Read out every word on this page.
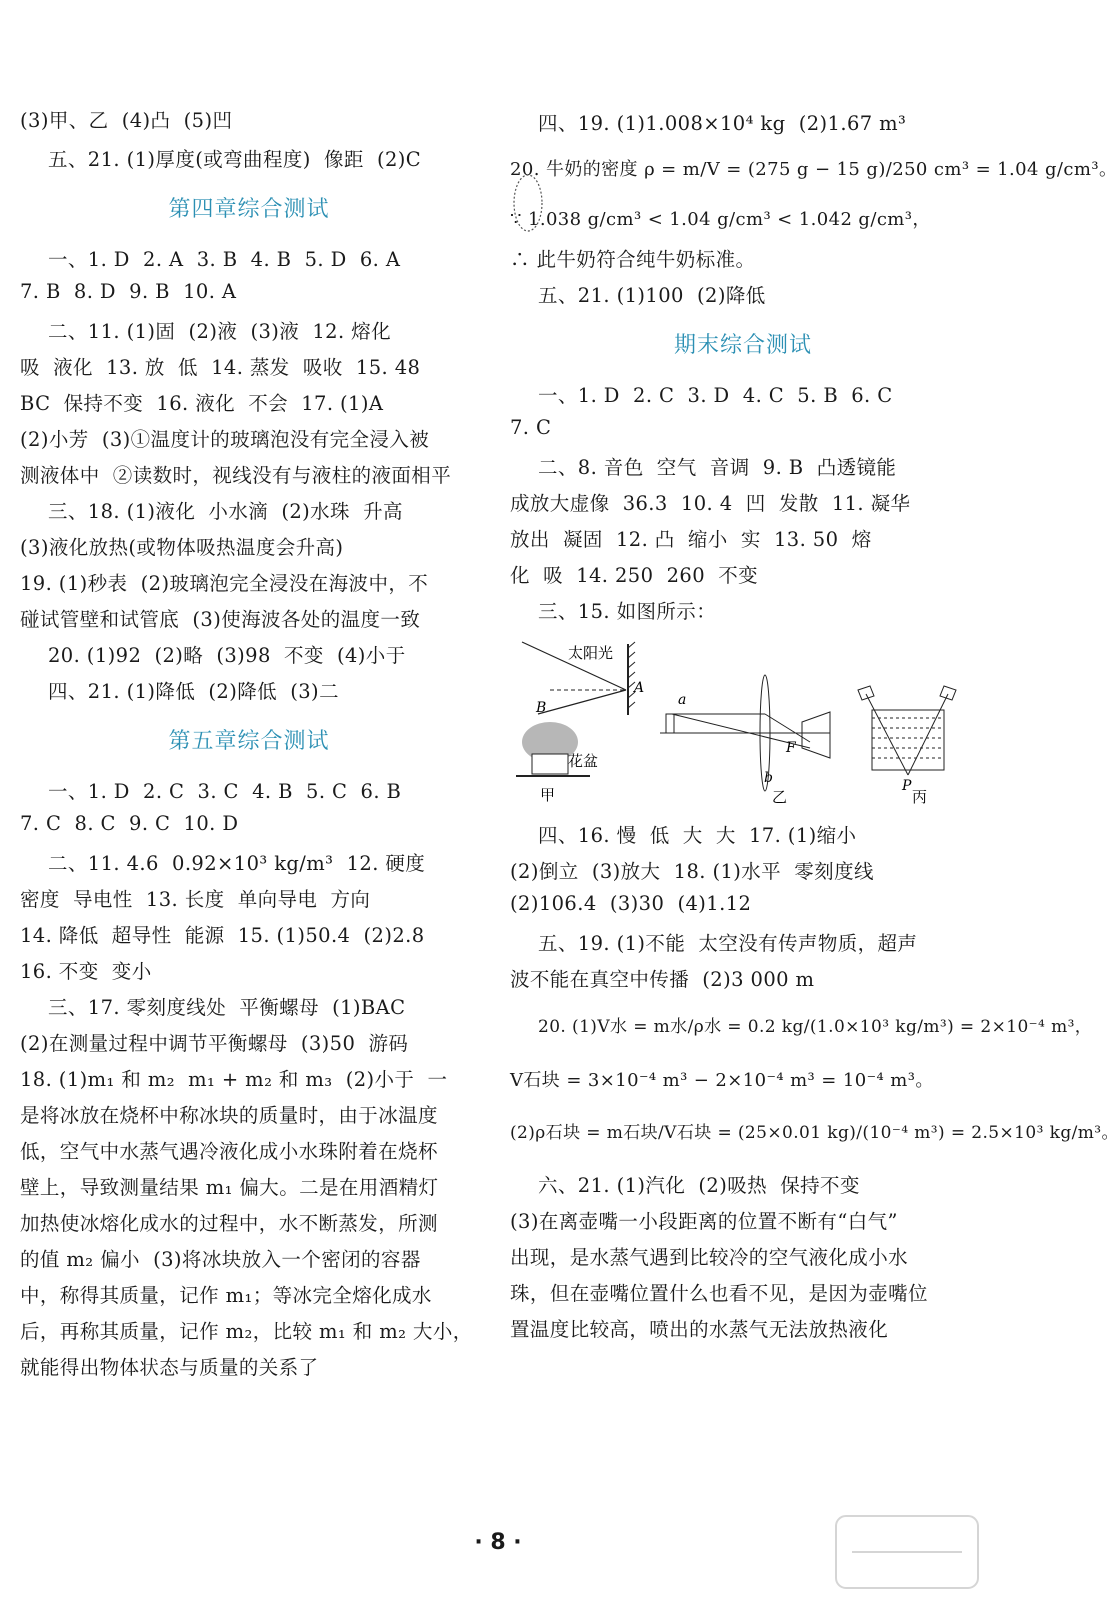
(3)甲、乙  (4)凸  (5)凹
五、21. (1)厚度(或弯曲程度)  像距  (2)C
第四章综合测试
一、1. D  2. A  3. B  4. B  5. D  6. A
7. B  8. D  9. B  10. A
二、11. (1)固  (2)液  (3)液  12. 熔化
吸  液化  13. 放  低  14. 蒸发  吸收  15. 48
BC  保持不变  16. 液化  不会  17. (1)A
(2)小芳  (3)①温度计的玻璃泡没有完全浸入被
测液体中  ②读数时，视线没有与液柱的液面相平
三、18. (1)液化  小水滴  (2)水珠  升高
(3)液化放热(或物体吸热温度会升高)
19. (1)秒表  (2)玻璃泡完全浸没在海波中，不
碰试管壁和试管底  (3)使海波各处的温度一致
20. (1)92  (2)略  (3)98  不变  (4)小于
四、21. (1)降低  (2)降低  (3)二
第五章综合测试
一、1. D  2. C  3. C  4. B  5. C  6. B
7. C  8. C  9. C  10. D
二、11. 4.6  0.92×10³ kg/m³  12. 硬度
密度  导电性  13. 长度  单向导电  方向
14. 降低  超导性  能源  15. (1)50.4  (2)2.8
16. 不变  变小
三、17. 零刻度线处  平衡螺母  (1)BAC
(2)在测量过程中调节平衡螺母  (3)50  游码
18. (1)m₁ 和 m₂  m₁ + m₂ 和 m₃  (2)小于  一
是将冰放在烧杯中称冰块的质量时，由于冰温度
低，空气中水蒸气遇冷液化成小水珠附着在烧杯
壁上，导致测量结果 m₁ 偏大。二是在用酒精灯
加热使冰熔化成水的过程中，水不断蒸发，所测
的值 m₂ 偏小  (3)将冰块放入一个密闭的容器
中，称得其质量，记作 m₁；等冰完全熔化成水
后，再称其质量，记作 m₂，比较 m₁ 和 m₂ 大小，
就能得出物体状态与质量的关系了
四、19. (1)1.008×10⁴ kg  (2)1.67 m³
20. 牛奶的密度 ρ = m/V = (275 g − 15 g)/250 cm³ = 1.04 g/cm³。
∵ 1.038 g/cm³ < 1.04 g/cm³ < 1.042 g/cm³，
∴ 此牛奶符合纯牛奶标准。
五、21. (1)100  (2)降低
期末综合测试
一、1. D  2. C  3. D  4. C  5. B  6. C
7. C
二、8. 音色  空气  音调  9. B  凸透镜能
成放大虚像  36.3  10. 4  凹  发散  11. 凝华
放出  凝固  12. 凸  缩小  实  13. 50  熔
化  吸  14. 250  260  不变
三、15. 如图所示：
太阳光
A
B
花盆
甲
a
F
b
乙
P
丙
四、16. 慢  低  大  大  17. (1)缩小
(2)倒立  (3)放大  18. (1)水平  零刻度线
(2)106.4  (3)30  (4)1.12
五、19. (1)不能  太空没有传声物质，超声
波不能在真空中传播  (2)3 000 m
20. (1)V水 = m水/ρ水 = 0.2 kg/(1.0×10³ kg/m³) = 2×10⁻⁴ m³，
V石块 = 3×10⁻⁴ m³ − 2×10⁻⁴ m³ = 10⁻⁴ m³。
(2)ρ石块 = m石块/V石块 = (25×0.01 kg)/(10⁻⁴ m³) = 2.5×10³ kg/m³。
六、21. (1)汽化  (2)吸热  保持不变
(3)在离壶嘴一小段距离的位置不断有“白气”
出现，是水蒸气遇到比较冷的空气液化成小水
珠，但在壶嘴位置什么也看不见，是因为壶嘴位
置温度比较高，喷出的水蒸气无法放热液化
· 8 ·
